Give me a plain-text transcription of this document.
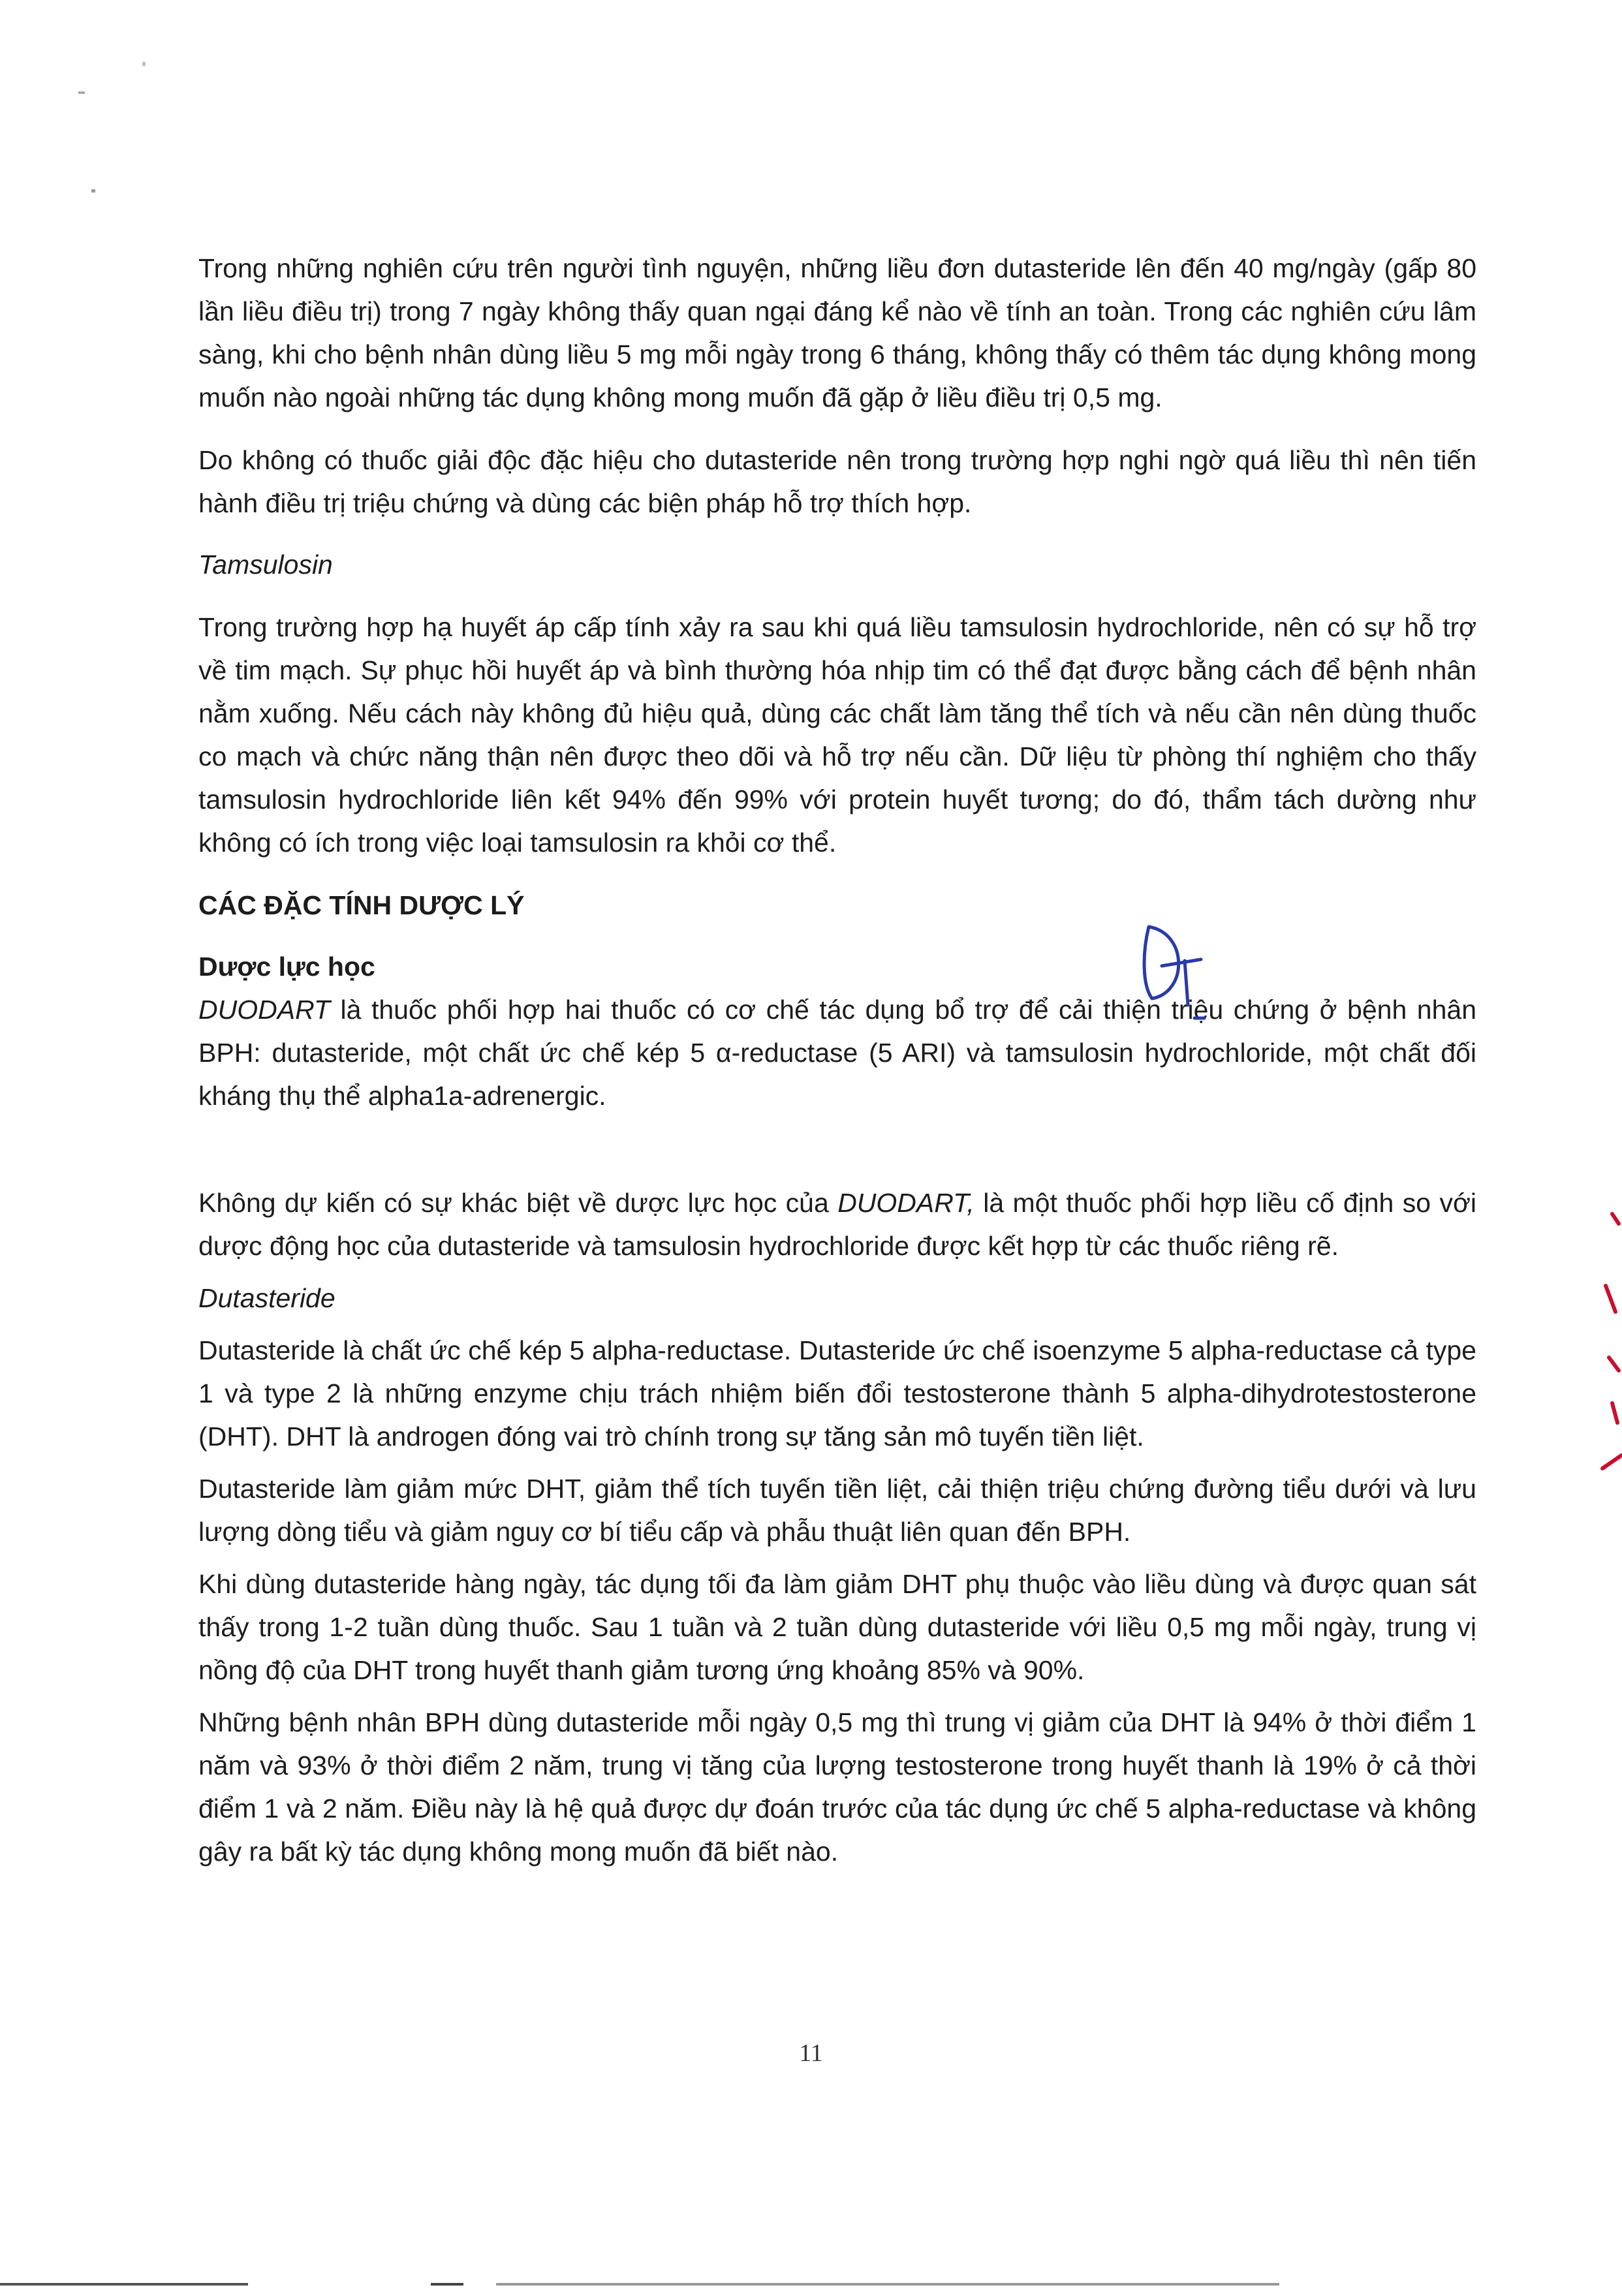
Trong những nghiên cứu trên người tình nguyện, những liều đơn dutasteride lên đến 40 mg/ngày (gấp 80 lần liều điều trị) trong 7 ngày không thấy quan ngại đáng kể nào về tính an toàn. Trong các nghiên cứu lâm sàng, khi cho bệnh nhân dùng liều 5 mg mỗi ngày trong 6 tháng, không thấy có thêm tác dụng không mong muốn nào ngoài những tác dụng không mong muốn đã gặp ở liều điều trị 0,5 mg.

Do không có thuốc giải độc đặc hiệu cho dutasteride nên trong trường hợp nghi ngờ quá liều thì nên tiến hành điều trị triệu chứng và dùng các biện pháp hỗ trợ thích hợp.

Tamsulosin

Trong trường hợp hạ huyết áp cấp tính xảy ra sau khi quá liều tamsulosin hydrochloride, nên có sự hỗ trợ về tim mạch. Sự phục hồi huyết áp và bình thường hóa nhịp tim có thể đạt được bằng cách để bệnh nhân nằm xuống. Nếu cách này không đủ hiệu quả, dùng các chất làm tăng thể tích và nếu cần nên dùng thuốc co mạch và chức năng thận nên được theo dõi và hỗ trợ nếu cần. Dữ liệu từ phòng thí nghiệm cho thấy tamsulosin hydrochloride liên kết 94% đến 99% với protein huyết tương; do đó, thẩm tách dường như không có ích trong việc loại tamsulosin ra khỏi cơ thể.

CÁC ĐẶC TÍNH DƯỢC LÝ

Dược lực học

DUODART là thuốc phối hợp hai thuốc có cơ chế tác dụng bổ trợ để cải thiện triệu chứng ở bệnh nhân BPH: dutasteride, một chất ức chế kép 5 α-reductase (5 ARI) và tamsulosin hydrochloride, một chất đối kháng thụ thể alpha1a-adrenergic.

Không dự kiến có sự khác biệt về dược lực học của DUODART, là một thuốc phối hợp liều cố định so với dược động học của dutasteride và tamsulosin hydrochloride được kết hợp từ các thuốc riêng rẽ.

Dutasteride

Dutasteride là chất ức chế kép 5 alpha-reductase. Dutasteride ức chế isoenzyme 5 alpha-reductase cả type 1 và type 2 là những enzyme chịu trách nhiệm biến đổi testosterone thành 5 alpha-dihydrotestosterone (DHT). DHT là androgen đóng vai trò chính trong sự tăng sản mô tuyến tiền liệt.

Dutasteride làm giảm mức DHT, giảm thể tích tuyến tiền liệt, cải thiện triệu chứng đường tiểu dưới và lưu lượng dòng tiểu và giảm nguy cơ bí tiểu cấp và phẫu thuật liên quan đến BPH.

Khi dùng dutasteride hàng ngày, tác dụng tối đa làm giảm DHT phụ thuộc vào liều dùng và được quan sát thấy trong 1-2 tuần dùng thuốc. Sau 1 tuần và 2 tuần dùng dutasteride với liều 0,5 mg mỗi ngày, trung vị nồng độ của DHT trong huyết thanh giảm tương ứng khoảng 85% và 90%.

Những bệnh nhân BPH dùng dutasteride mỗi ngày 0,5 mg thì trung vị giảm của DHT là 94% ở thời điểm 1 năm và 93% ở thời điểm 2 năm, trung vị tăng của lượng testosterone trong huyết thanh là 19% ở cả thời điểm 1 và 2 năm. Điều này là hệ quả được dự đoán trước của tác dụng ức chế 5 alpha-reductase và không gây ra bất kỳ tác dụng không mong muốn đã biết nào.

11
